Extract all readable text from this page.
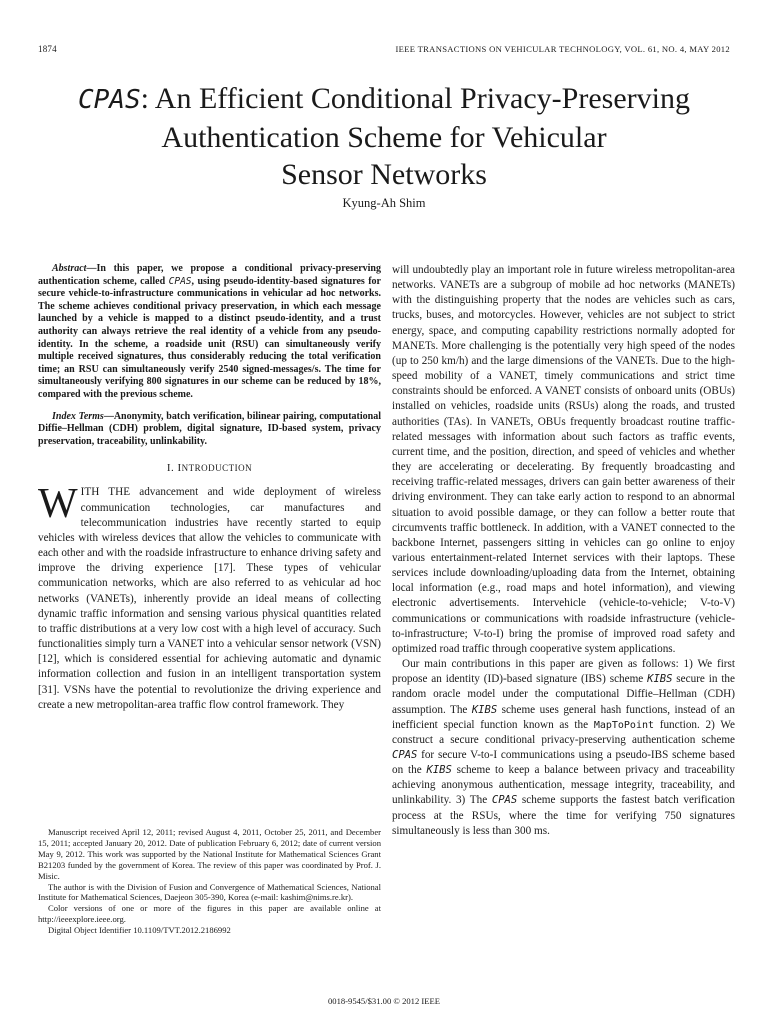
1874	IEEE TRANSACTIONS ON VEHICULAR TECHNOLOGY, VOL. 61, NO. 4, MAY 2012
CPAS: An Efficient Conditional Privacy-Preserving
Authentication Scheme for Vehicular
Sensor Networks
Kyung-Ah Shim

Abstract—In this paper, we propose a conditional privacy-preserving authentication scheme, called CPAS, using pseudo-identity-based signatures for secure vehicle-to-infrastructure communications in vehicular ad hoc networks. The scheme achieves conditional privacy preservation, in which each message launched by a vehicle is mapped to a distinct pseudo-identity, and a trust authority can always retrieve the real identity of a vehicle from any pseudo-identity. In the scheme, a roadside unit (RSU) can simultaneously verify multiple received signatures, thus considerably reducing the total verification time; an RSU can simultaneously verify 2540 signed-messages/s. The time for simultaneously verifying 800 signatures in our scheme can be reduced by 18%, compared with the previous scheme.

Index Terms—Anonymity, batch verification, bilinear pairing, computational Diffie–Hellman (CDH) problem, digital signature, ID-based system, privacy preservation, traceability, unlinkability.

I. INTRODUCTION

WITH THE advancement and wide deployment of wireless communication technologies, car manufactures and telecommunication industries have recently started to equip vehicles with wireless devices that allow the vehicles to communicate with each other and with the roadside infrastructure to enhance driving safety and improve the driving experience [17]. These types of vehicular communication networks, which are also referred to as vehicular ad hoc networks (VANETs), inherently provide an ideal means of collecting dynamic traffic information and sensing various physical quantities related to traffic distributions at a very low cost with a high level of accuracy. Such functionalities simply turn a VANET into a vehicular sensor network (VSN) [12], which is considered essential for achieving automatic and dynamic information collection and fusion in an intelligent transportation system [31]. VSNs have the potential to revolutionize the driving experience and create a new metropolitan-area traffic flow control framework. They

Manuscript received April 12, 2011; revised August 4, 2011, October 25, 2011, and December 15, 2011; accepted January 20, 2012. Date of publication February 6, 2012; date of current version May 9, 2012. This work was supported by the National Institute for Mathematical Sciences Grant B21203 funded by the government of Korea. The review of this paper was coordinated by Prof. J. Misic.

The author is with the Division of Fusion and Convergence of Mathematical Sciences, National Institute for Mathematical Sciences, Daejeon 305-390, Korea (e-mail: kashim@nims.re.kr).

Color versions of one or more of the figures in this paper are available online at http://ieeexplore.ieee.org.

Digital Object Identifier 10.1109/TVT.2012.2186992

will undoubtedly play an important role in future wireless metropolitan-area networks. VANETs are a subgroup of mobile ad hoc networks (MANETs) with the distinguishing property that the nodes are vehicles such as cars, trucks, buses, and motorcycles. However, vehicles are not subject to strict energy, space, and computing capability restrictions normally adopted for MANETs. More challenging is the potentially very high speed of the nodes (up to 250 km/h) and the large dimensions of the VANETs. Due to the high-speed mobility of a VANET, timely communications and strict time constraints should be enforced. A VANET consists of onboard units (OBUs) installed on vehicles, roadside units (RSUs) along the roads, and trusted authorities (TAs). In VANETs, OBUs frequently broadcast routine traffic-related messages with information about such factors as traffic events, current time, and the position, direction, and speed of vehicles and whether they are accelerating or decelerating. By frequently broadcasting and receiving traffic-related messages, drivers can gain better awareness of their driving environment. They can take early action to respond to an abnormal situation to avoid possible damage, or they can follow a better route that circumvents traffic bottleneck. In addition, with a VANET connected to the backbone Internet, passengers sitting in vehicles can go online to enjoy various entertainment-related Internet services with their laptops. These services include downloading/uploading data from the Internet, obtaining local information (e.g., road maps and hotel information), and viewing electronic advertisements. Intervehicle (vehicle-to-vehicle; V-to-V) communications or communications with roadside infrastructure (vehicle-to-infrastructure; V-to-I) bring the promise of improved road safety and optimized road traffic through cooperative system applications.

Our main contributions in this paper are given as follows: 1) We first propose an identity (ID)-based signature (IBS) scheme KIBS secure in the random oracle model under the computational Diffie–Hellman (CDH) assumption. The KIBS scheme uses general hash functions, instead of an inefficient special function known as the MapToPoint function. 2) We construct a secure conditional privacy-preserving authentication scheme CPAS for secure V-to-I communications using a pseudo-IBS scheme based on the KIBS scheme to keep a balance between privacy and traceability achieving anonymous authentication, message integrity, traceability, and unlinkability. 3) The CPAS scheme supports the fastest batch verification process at the RSUs, where the time for verifying 750 signatures simultaneously is less than 300 ms.

0018-9545/$31.00 © 2012 IEEE
